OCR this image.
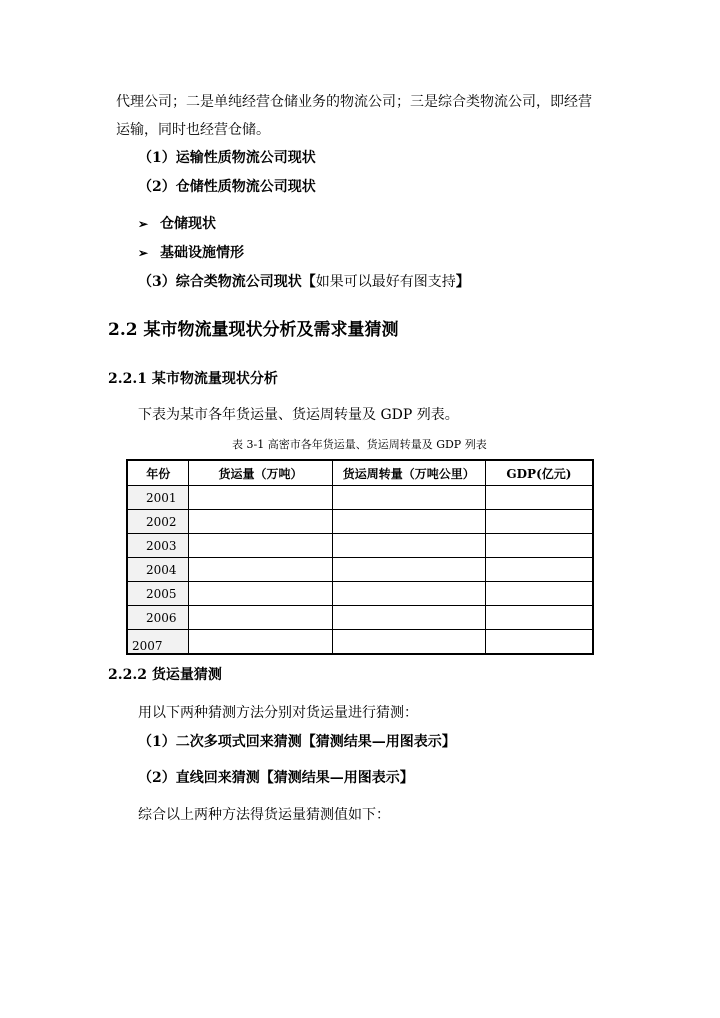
代理公司；二是单纯经营仓储业务的物流公司；三是综合类物流公司，即经营
运输，同时也经营仓储。
（1）运输性质物流公司现状
（2）仓储性质物流公司现状
➢ 仓储现状
➢ 基础设施情形
（3）综合类物流公司现状【如果可以最好有图支持】
2.2 某市物流量现状分析及需求量猜测
2.2.1 某市物流量现状分析
下表为某市各年货运量、货运周转量及 GDP 列表。
表 3-1 高密市各年货运量、货运周转量及 GDP 列表
年份	货运量（万吨）	货运周转量（万吨公里）	GDP(亿元)
2001			
2002			
2003			
2004			
2005			
2006			
2007			
2.2.2 货运量猜测
用以下两种猜测方法分别对货运量进行猜测：
（1）二次多项式回来猜测【猜测结果—用图表示】
（2）直线回来猜测【猜测结果—用图表示】
综合以上两种方法得货运量猜测值如下：
